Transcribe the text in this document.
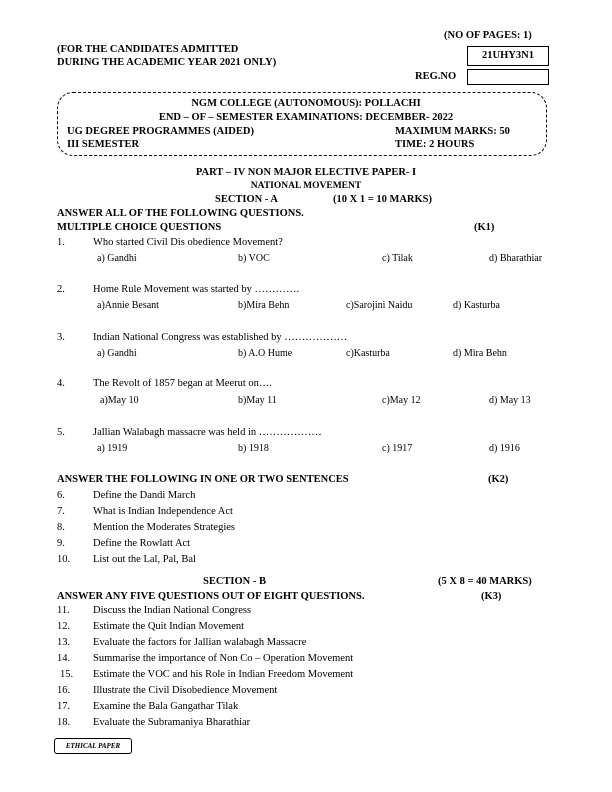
(NO OF PAGES: 1)
21UHY3N1
(FOR THE CANDIDATES ADMITTED
DURING THE ACADEMIC YEAR 2021 ONLY)
REG.NO
NGM COLLEGE (AUTONOMOUS): POLLACHI
END – OF – SEMESTER EXAMINATIONS: DECEMBER- 2022
UG DEGREE PROGRAMMES (AIDED)	MAXIMUM MARKS: 50
III SEMESTER	TIME: 2 HOURS
PART – IV NON MAJOR ELECTIVE PAPER- I
NATIONAL MOVEMENT
SECTION - A	(10 X 1 = 10 MARKS)
ANSWER ALL OF THE FOLLOWING QUESTIONS.
MULTIPLE CHOICE QUESTIONS	(K1)
1.	Who started Civil Dis obedience Movement?
a) Gandhi	b) VOC	c) Tilak	d) Bharathiar
2.	Home Rule Movement was started by ………….
a)Annie Besant	b)Mira Behn	c)Sarojini Naidu	d) Kasturba
3.	Indian National Congress was established by ………………
a) Gandhi	b) A.O Hume	c)Kasturba	d) Mira Behn
4.	The Revolt of 1857 began at Meerut on….
a)May 10	b)May 11	c)May 12	d) May 13
5.	Jallian Walabagh massacre was held in ………………
a) 1919	b) 1918	c) 1917	d) 1916
ANSWER THE FOLLOWING IN ONE OR TWO SENTENCES	(K2)
6.	Define the Dandi March
7.	What is Indian Independence Act
8.	Mention the Moderates Strategies
9.	Define the Rowlatt Act
10. List out the Lal, Pal, Bal
SECTION - B	(5 X 8 = 40 MARKS)
ANSWER ANY FIVE QUESTIONS OUT OF EIGHT QUESTIONS.	(K3)
11. Discuss the Indian National Congress
12. Estimate the Quit Indian Movement
13. Evaluate the factors for Jallian walabagh Massacre
14. Summarise the importance of Non Co – Operation Movement
15. Estimate the VOC and his Role in Indian Freedom Movement
16. Illustrate the Civil Disobedience Movement
17. Examine the Bala Gangathar Tilak
18. Evaluate the Subramaniya Bharathiar
ETHICAL PAPER
